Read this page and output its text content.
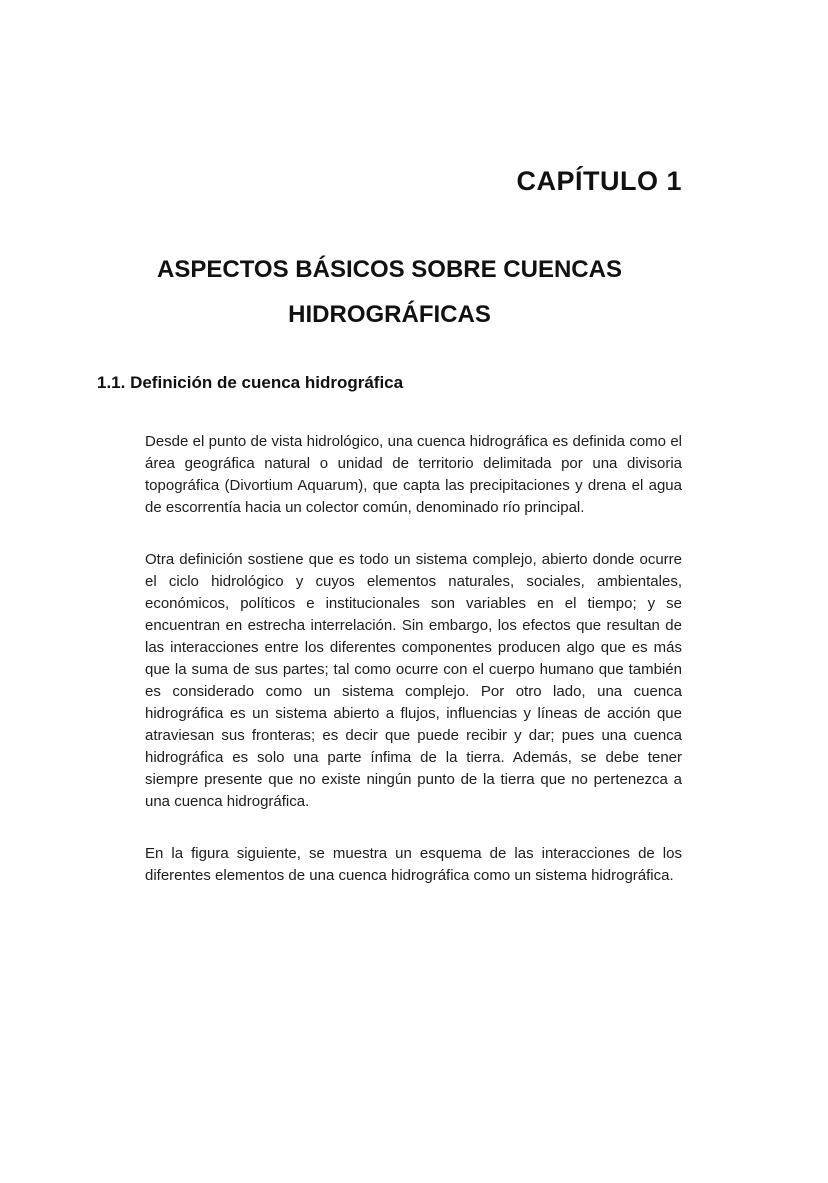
CAPÍTULO 1
ASPECTOS BÁSICOS SOBRE CUENCAS
HIDROGRÁFICAS
1.1. Definición de cuenca hidrográfica

Desde el punto de vista hidrológico, una cuenca hidrográfica es definida como el área geográfica natural o unidad de territorio delimitada por una divisoria topográfica (Divortium Aquarum), que capta las precipitaciones y drena el agua de escorrentía hacia un colector común, denominado río principal.

Otra definición sostiene que es todo un sistema complejo, abierto donde ocurre el ciclo hidrológico y cuyos elementos naturales, sociales, ambientales, económicos, políticos e institucionales son variables en el tiempo; y se encuentran en estrecha interrelación. Sin embargo, los efectos que resultan de las interacciones entre los diferentes componentes producen algo que es más que la suma de sus partes; tal como ocurre con el cuerpo humano que también es considerado como un sistema complejo. Por otro lado, una cuenca hidrográfica es un sistema abierto a flujos, influencias y líneas de acción que atraviesan sus fronteras; es decir que puede recibir y dar; pues una cuenca hidrográfica es solo una parte ínfima de la tierra. Además, se debe tener siempre presente que no existe ningún punto de la tierra que no pertenezca a una cuenca hidrográfica.

En la figura siguiente, se muestra un esquema de las interacciones de los diferentes elementos de una cuenca hidrográfica como un sistema hidrográfica.
